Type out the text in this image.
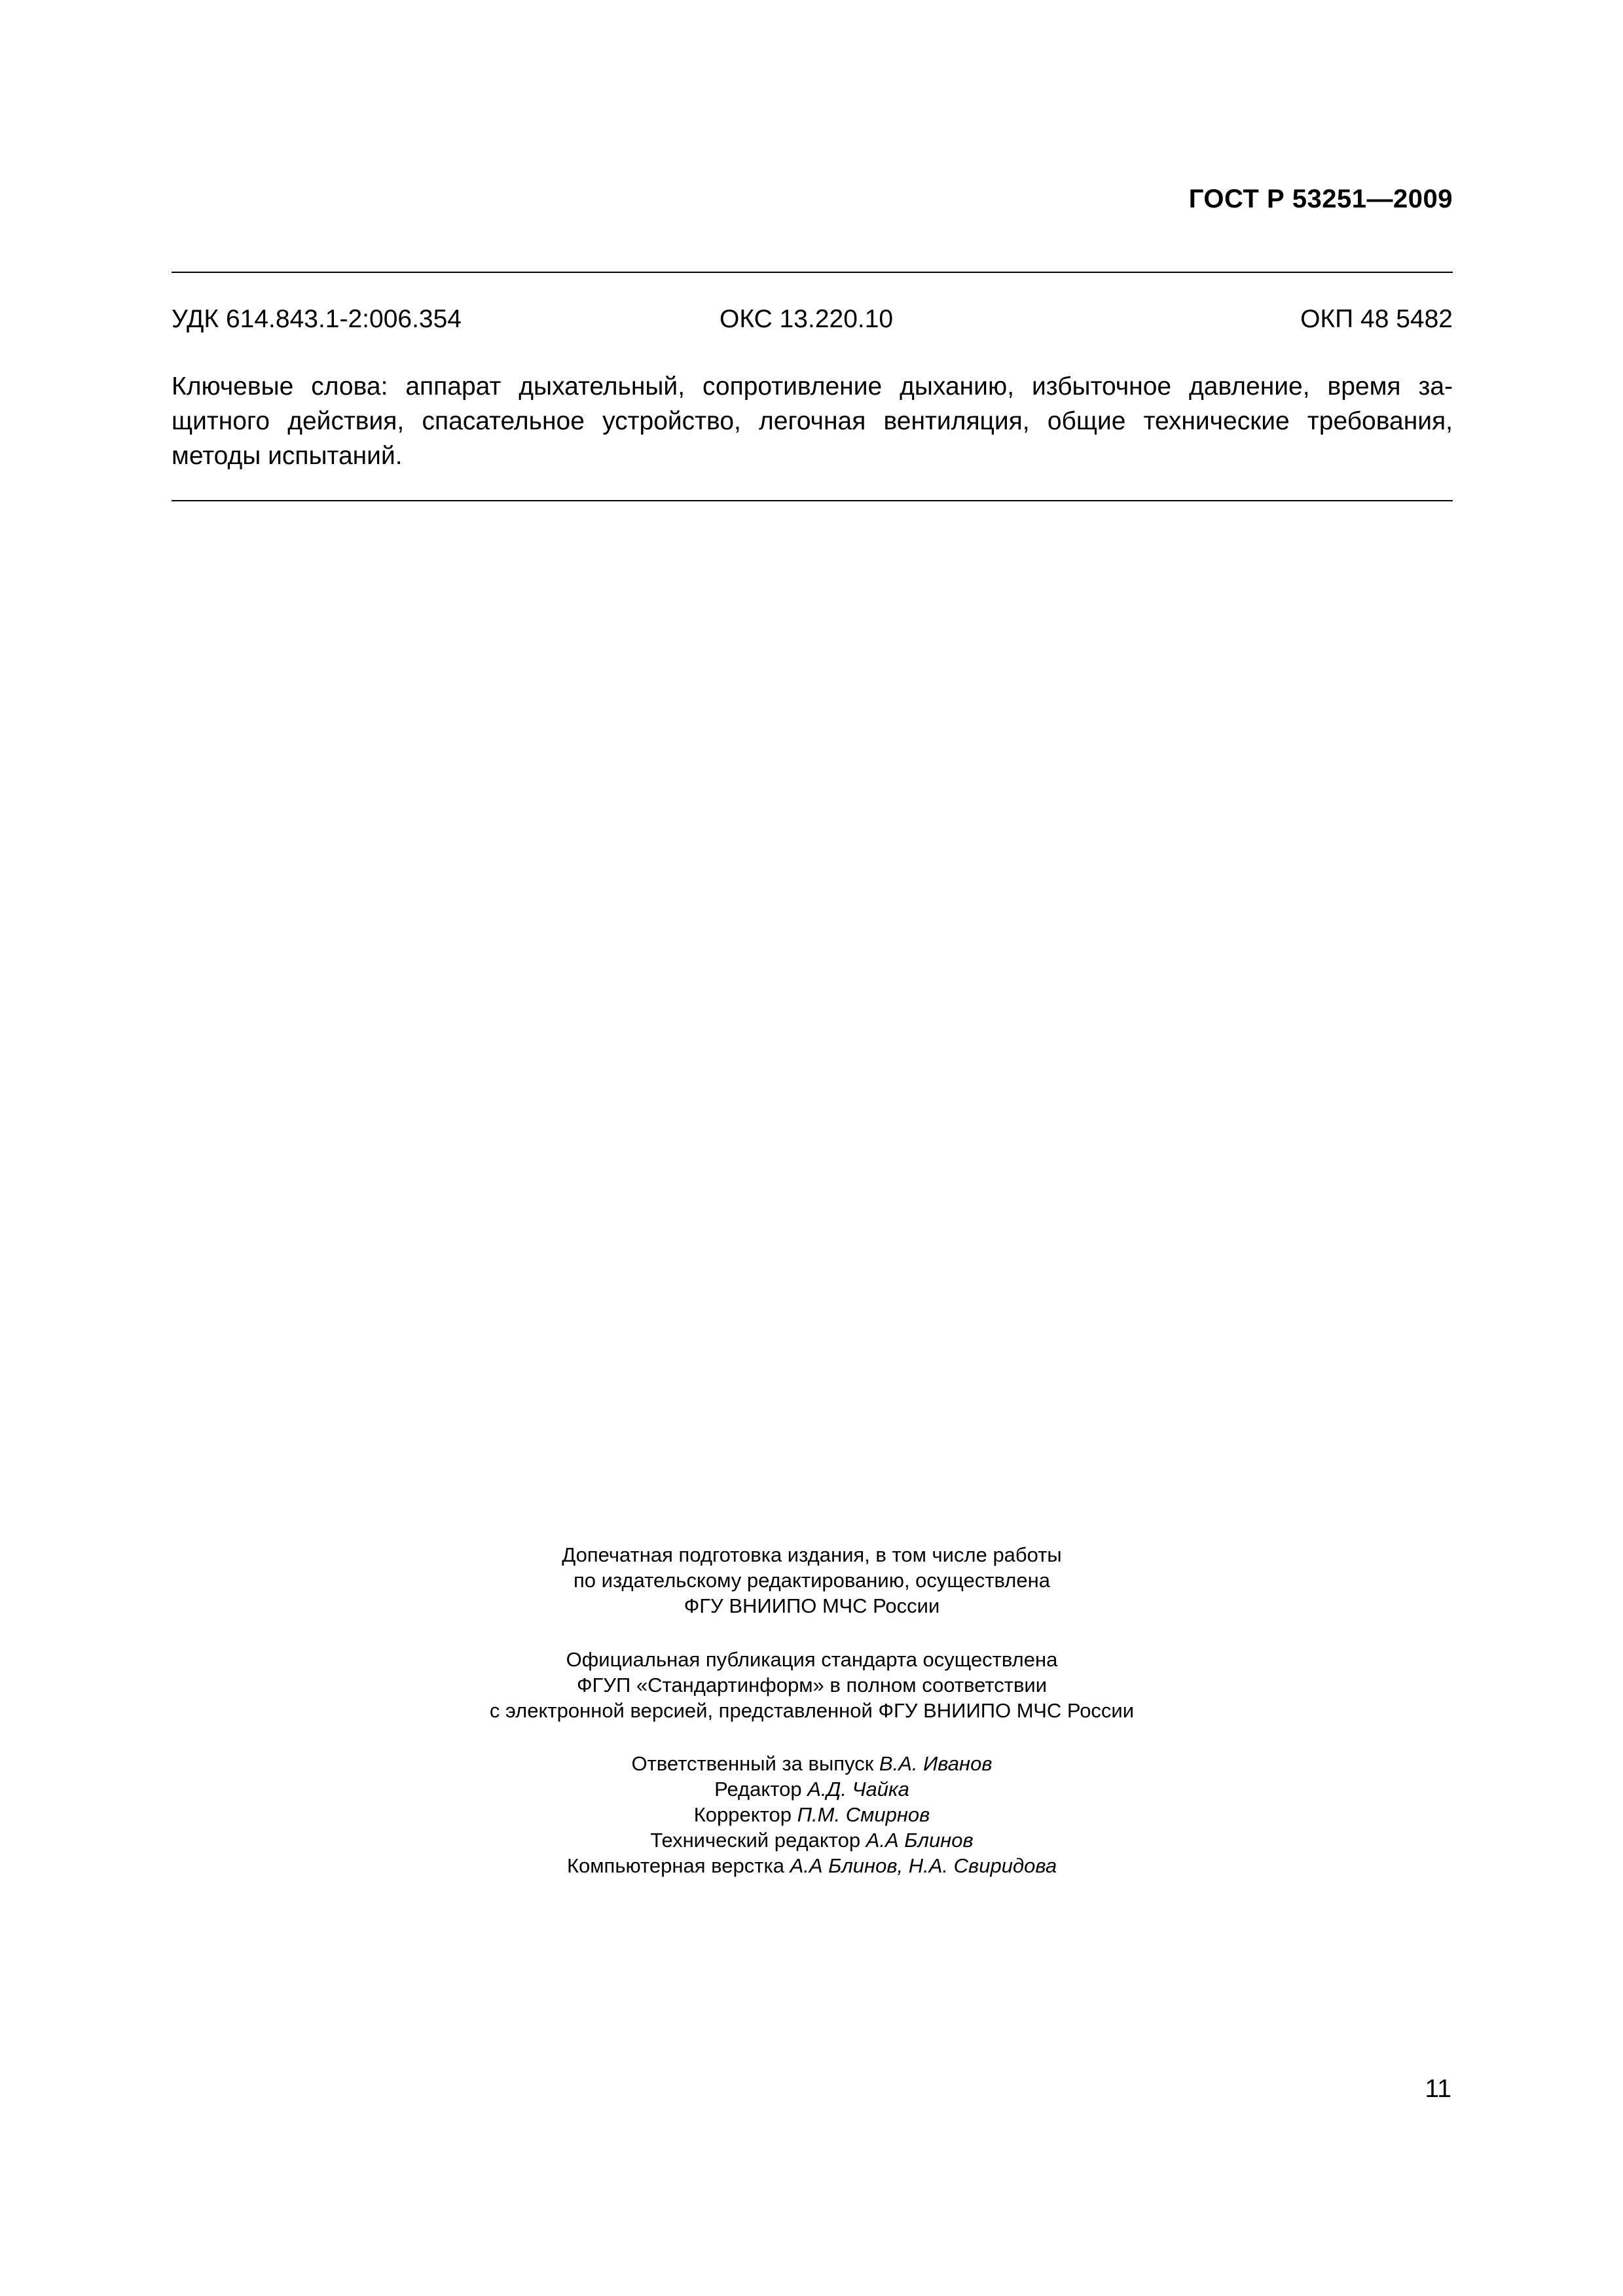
ГОСТ Р 53251—2009
УДК 614.843.1-2:006.354	ОКС 13.220.10	ОКП 48 5482
Ключевые слова: аппарат дыхательный, сопротивление дыханию, избыточное давление, время за-
щитного действия, спасательное устройство, легочная вентиляция, общие технические требования,
методы испытаний.
Допечатная подготовка издания, в том числе работы
по издательскому редактированию, осуществлена
ФГУ ВНИИПО МЧС России
Официальная публикация стандарта осуществлена
ФГУП «Стандартинформ» в полном соответствии
с электронной версией, представленной ФГУ ВНИИПО МЧС России
Ответственный за выпуск В.А. Иванов
Редактор А.Д. Чайка
Корректор П.М. Смирнов
Технический редактор А.А Блинов
Компьютерная верстка А.А Блинов, Н.А. Свиридова
11
